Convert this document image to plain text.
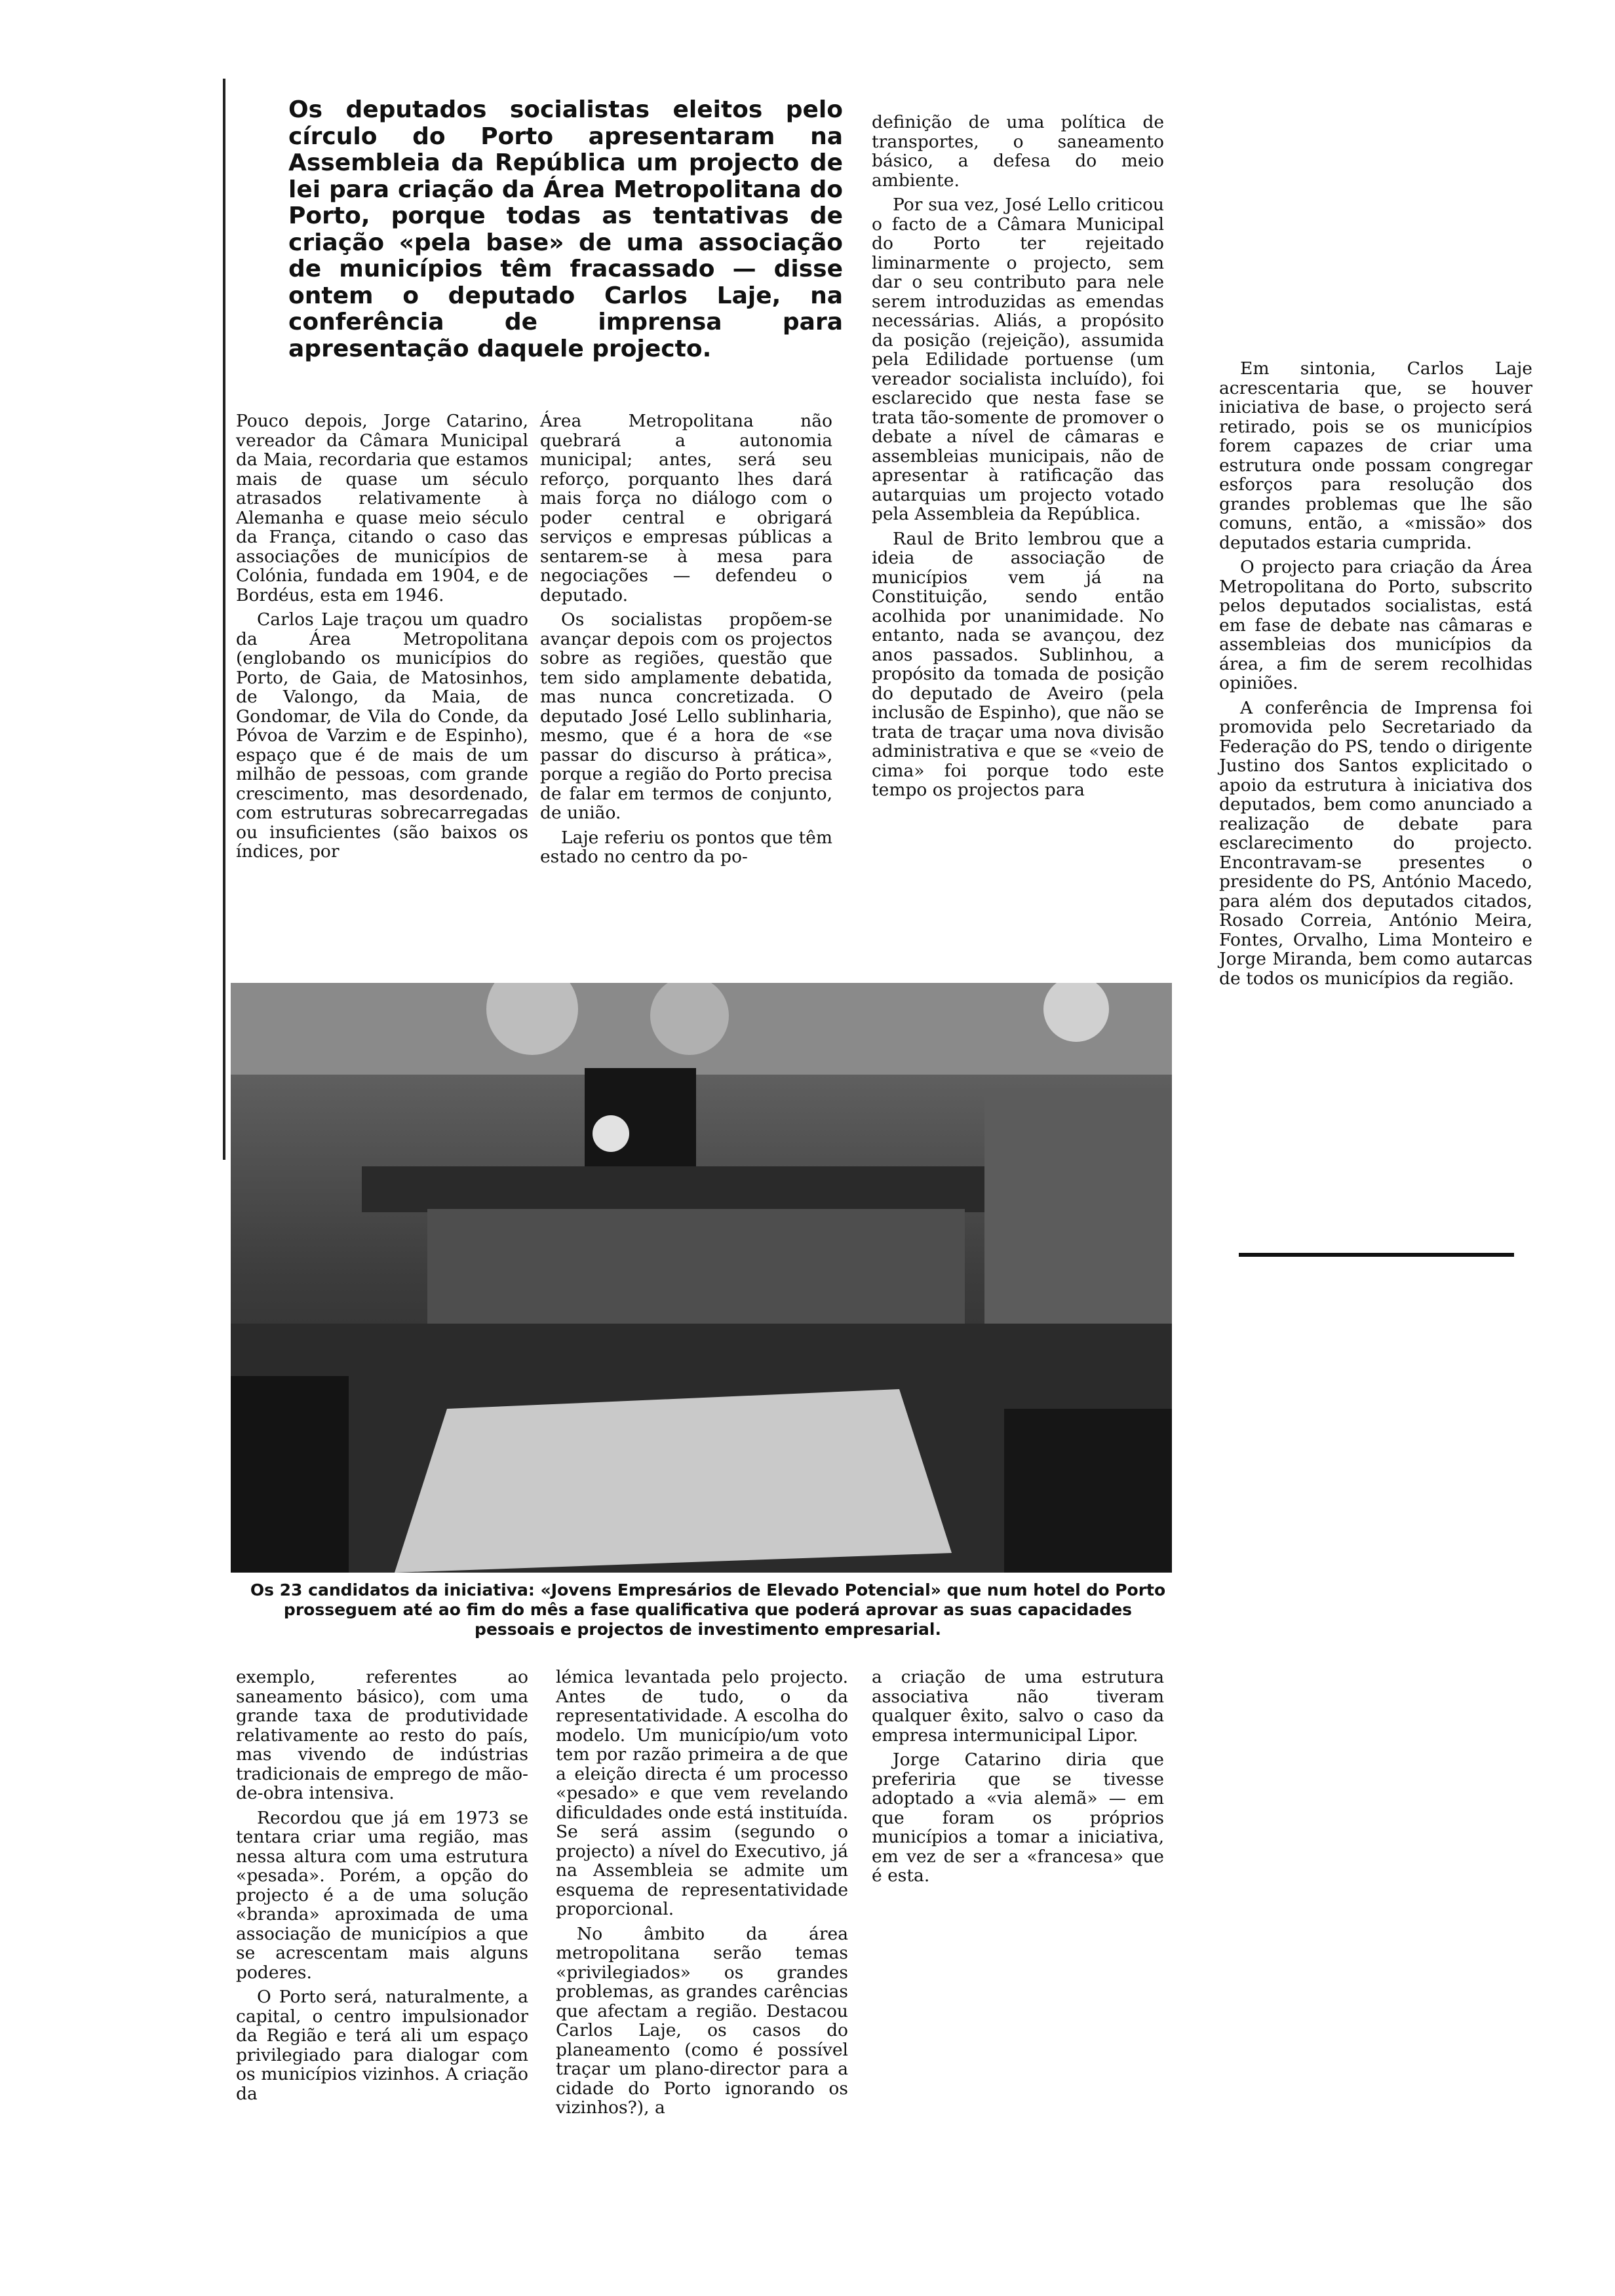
Os deputados socialistas eleitos pelo círculo do Porto apresentaram na Assembleia da República um projecto de lei para criação da Área Metropolitana do Porto, porque todas as tentativas de criação «pela base» de uma associação de municípios têm fracassado — disse ontem o deputado Carlos Laje, na conferência de imprensa para apresentação daquele projecto.

Pouco depois, Jorge Catarino, vereador da Câmara Municipal da Maia, recordaria que estamos mais de quase um século atrasados relativamente à Alemanha e quase meio século da França, citando o caso das associações de municípios de Colónia, fundada em 1904, e de Bordéus, esta em 1946.

Carlos Laje traçou um quadro da Área Metropolitana (englobando os municípios do Porto, de Gaia, de Matosinhos, de Valongo, da Maia, de Gondomar, de Vila do Conde, da Póvoa de Varzim e de Espinho), espaço que é de mais de um milhão de pessoas, com grande crescimento, mas desordenado, com estruturas sobrecarregadas ou insuficientes (são baixos os índices, por

Área Metropolitana não quebrará a autonomia municipal; antes, será seu reforço, porquanto lhes dará mais força no diálogo com o poder central e obrigará serviços e empresas públicas a sentarem-se à mesa para negociações — defendeu o deputado.

Os socialistas propõem-se avançar depois com os projectos sobre as regiões, questão que tem sido amplamente debatida, mas nunca concretizada. O deputado José Lello sublinharia, mesmo, que é a hora de «se passar do discurso à prática», porque a região do Porto precisa de falar em termos de conjunto, de união.

Laje referiu os pontos que têm estado no centro da po-

definição de uma política de transportes, o saneamento básico, a defesa do meio ambiente.

Por sua vez, José Lello criticou o facto de a Câmara Municipal do Porto ter rejeitado liminarmente o projecto, sem dar o seu contributo para nele serem introduzidas as emendas necessárias. Aliás, a propósito da posição (rejeição), assumida pela Edilidade portuense (um vereador socialista incluído), foi esclarecido que nesta fase se trata tão-somente de promover o debate a nível de câmaras e assembleias municipais, não de apresentar à ratificação das autarquias um projecto votado pela Assembleia da República.

Raul de Brito lembrou que a ideia de associação de municípios vem já na Constituição, sendo então acolhida por unanimidade. No entanto, nada se avançou, dez anos passados. Sublinhou, a propósito da tomada de posição do deputado de Aveiro (pela inclusão de Espinho), que não se trata de traçar uma nova divisão administrativa e que se «veio de cima» foi porque todo este tempo os projectos para

Em sintonia, Carlos Laje acrescentaria que, se houver iniciativa de base, o projecto será retirado, pois se os municípios forem capazes de criar uma estrutura onde possam congregar esforços para resolução dos grandes problemas que lhe são comuns, então, a «missão» dos deputados estaria cumprida.

O projecto para criação da Área Metropolitana do Porto, subscrito pelos deputados socialistas, está em fase de debate nas câmaras e assembleias dos municípios da área, a fim de serem recolhidas opiniões.

A conferência de Imprensa foi promovida pelo Secretariado da Federação do PS, tendo o dirigente Justino dos Santos explicitado o apoio da estrutura à iniciativa dos deputados, bem como anunciado a realização de debate para esclarecimento do projecto. Encontravam-se presentes o presidente do PS, António Macedo, para além dos deputados citados, Rosado Correia, António Meira, Fontes, Orvalho, Lima Monteiro e Jorge Miranda, bem como autarcas de todos os municípios da região.

Os 23 candidatos da iniciativa: «Jovens Empresários de Elevado Potencial» que num hotel do Porto prosseguem até ao fim do mês a fase qualificativa que poderá aprovar as suas capacidades pessoais e projectos de investimento empresarial.

exemplo, referentes ao saneamento básico), com uma grande taxa de produtividade relativamente ao resto do país, mas vivendo de indústrias tradicionais de emprego de mão-de-obra intensiva.

Recordou que já em 1973 se tentara criar uma região, mas nessa altura com uma estrutura «pesada». Porém, a opção do projecto é a de uma solução «branda» aproximada de uma associação de municípios a que se acrescentam mais alguns poderes.

O Porto será, naturalmente, a capital, o centro impulsionador da Região e terá ali um espaço privilegiado para dialogar com os municípios vizinhos. A criação da

lémica levantada pelo projecto. Antes de tudo, o da representatividade. A escolha do modelo. Um município/um voto tem por razão primeira a de que a eleição directa é um processo «pesado» e que vem revelando dificuldades onde está instituída. Se será assim (segundo o projecto) a nível do Executivo, já na Assembleia se admite um esquema de representatividade proporcional.

No âmbito da área metropolitana serão temas «privilegiados» os grandes problemas, as grandes carências que afectam a região. Destacou Carlos Laje, os casos do planeamento (como é possível traçar um plano-director para a cidade do Porto ignorando os vizinhos?), a

a criação de uma estrutura associativa não tiveram qualquer êxito, salvo o caso da empresa intermunicipal Lipor.

Jorge Catarino diria que preferiria que se tivesse adoptado a «via alemã» — em que foram os próprios municípios a tomar a iniciativa, em vez de ser a «francesa» que é esta.
